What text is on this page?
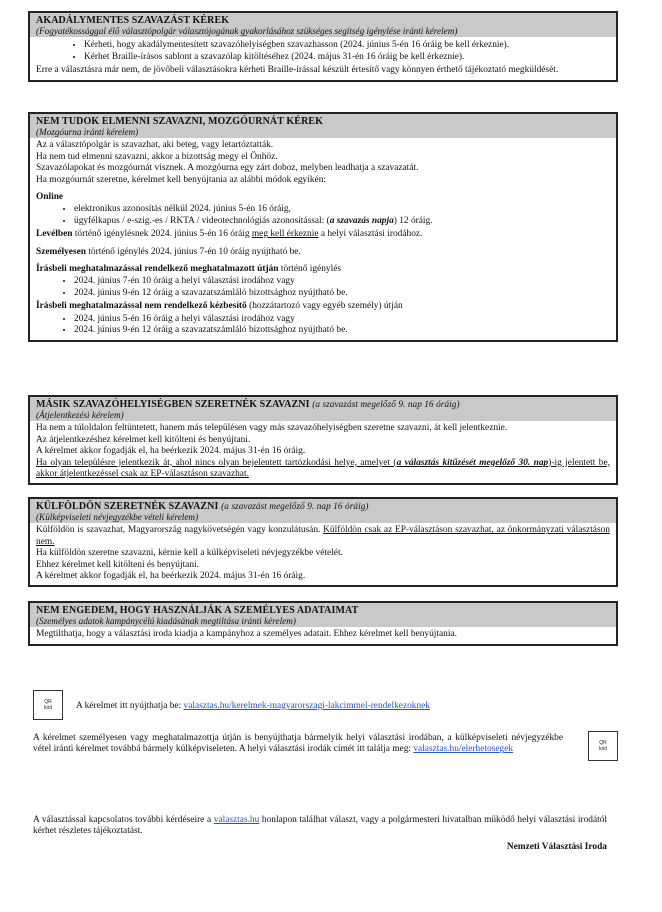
AKADÁLYMENTES SZAVAZÁST KÉREK
(Fogyatékossággal élő választópolgár választójogának gyakorlásához szükséges segítség igénylése iránti kérelem)
• Kérheti, hogy akadálymentesített szavazóhelyiségben szavazhasson (2024. június 5-én 16 óráig be kell érkeznie).
• Kérhet Braille-írásos sablont a szavazólap kitöltéséhez (2024. május 31-én 16 óráig be kell érkeznie).

Erre a választásra már nem, de jövőbeli választásokra kérheti Braille-írással készült értesítő vagy könnyen érthető tájékoztató megküldését.

NEM TUDOK ELMENNI SZAVAZNI, MOZGÓURNÁT KÉREK
(Mozgóurna iránti kérelem)

Az a választópolgár is szavazhat, aki beteg, vagy letartóztatták.

Ha nem tud elmenni szavazni, akkor a bizottság megy el Önhöz.

Szavazólapokat és mozgóurnát visznek. A mozgóurna egy zárt doboz, melyben leadhatja a szavazatát.

Ha mozgóurnát szeretne, kérelmet kell benyújtania az alábbi módok egyikén:

Online

• elektronikus azonosítás nélkül 2024. június 5-én 16 óráig,
• ügyfélkapus / e-szig.-es / RKTA / videotechnológiás azonosítással: (a szavazás napja) 12 óráig.

Levélben történő igénylésnek 2024. június 5-én 16 óráig meg kell érkeznie a helyi választási irodához.

Személyesen történő igénylés 2024. június 7-én 10 óráig nyújtható be.

Írásbeli meghatalmazással rendelkező meghatalmazott útján történő igénylés

• 2024. június 7-én 10 óráig a helyi választási irodához vagy
• 2024. június 9-én 12 óráig a szavazatszámláló bizottsághoz nyújtható be.

Írásbeli meghatalmazással nem rendelkező kézbesítő (hozzátartozó vagy egyéb személy) útján

• 2024. június 5-én 16 óráig a helyi választási irodához vagy
• 2024. június 9-én 12 óráig a szavazatszámláló bizottsághoz nyújtható be.
MÁSIK SZAVAZÓHELYISÉGBEN SZERETNÉK SZAVAZNI (a szavazást megelőző 9. nap 16 óráig)
(Átjelentkezési kérelem)

Ha nem a túloldalon feltüntetett, hanem más településen vagy más szavazóhelyiségben szeretne szavazni, át kell jelentkeznie.

Az átjelentkezéshez kérelmet kell kitölteni és benyújtani.

A kérelmet akkor fogadják el, ha beérkezik 2024. május 31-én 16 óráig.

Ha olyan településre jelentkezik át, ahol nincs olyan bejelentett tartózkodási helye, amelyet (a választás kitűzését megelőző 30. nap)-ig jelentett be, akkor átjelentkezéssel csak az EP-választáson szavazhat.

KÜLFÖLDÖN SZERETNÉK SZAVAZNI (a szavazást megelőző 9. nap 16 óráig)
(Külképviseleti névjegyzékbe vételi kérelem)

Külföldön is szavazhat, Magyarország nagykövetségén vagy konzulátusán. Külföldön csak az EP-választáson szavazhat, az önkormányzati választáson nem.

Ha külföldön szeretne szavazni, kérnie kell a külképviseleti névjegyzékbe vételét.

Ehhez kérelmet kell kitölteni és benyújtani.

A kérelmet akkor fogadják el, ha beérkezik 2024. május 31-én 16 óráig.

NEM ENGEDEM, HOGY HASZNÁLJÁK A SZEMÉLYES ADATAIMAT
(Személyes adatok kampánycélú kiadásának megtiltása iránti kérelem)

Megtilthatja, hogy a választási iroda kiadja a kampányhoz a személyes adatait. Ehhez kérelmet kell benyújtania.

QR
kód	A kérelmet itt nyújthatja be: valasztas.hu/kerelmek-magyarorszagi-lakcimmel-rendelkezoknek
A kérelmet személyesen vagy meghatalmazottja útján is benyújthatja bármelyik helyi választási irodában, a külképviseleti névjegyzékbe vétel iránti kérelmet továbbá bármely külképviseleten. A helyi választási irodák címét itt találja meg: valasztas.hu/elerhetosegek
QR
kód
A választással kapcsolatos további kérdéseire a valasztas.hu honlapon találhat választ, vagy a polgármesteri hivatalban működő helyi választási irodától kérhet részletes tájékoztatást.
Nemzeti Választási Iroda
